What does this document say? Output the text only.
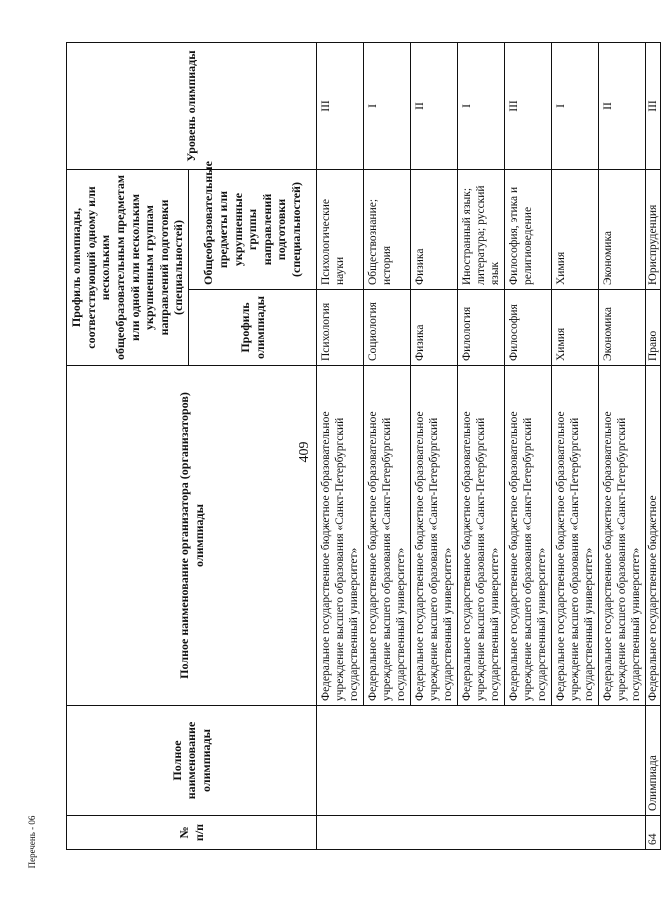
409
№ п/п	Полное наименование олимпиады	Полное наименование организатора (организаторов) олимпиады	Профиль олимпиады, соответствующий одному или нескольким общеобразовательным предметам или одной или нескольким укрупненным группам направлений подготовки (специальностей)		Уровень олимпиады
			Профиль олимпиады	Общеобразовательные предметы или укрупненные группы направлений подготовки (специальностей)	
		Федеральное государственное бюджетное образовательное учреждение высшего образования «Санкт-Петербургский государственный университет»	Психология	Психологические науки	III
		Федеральное государственное бюджетное образовательное учреждение высшего образования «Санкт-Петербургский государственный университет»	Социология	Обществознание; история	I
		Федеральное государственное бюджетное образовательное учреждение высшего образования «Санкт-Петербургский государственный университет»	Физика	Физика	II
		Федеральное государственное бюджетное образовательное учреждение высшего образования «Санкт-Петербургский государственный университет»	Филология	Иностранный язык; литература; русский язык	I
		Федеральное государственное бюджетное образовательное учреждение высшего образования «Санкт-Петербургский государственный университет»	Философия	Философия, этика и религиоведение	III
		Федеральное государственное бюджетное образовательное учреждение высшего образования «Санкт-Петербургский государственный университет»	Химия	Химия	I
		Федеральное государственное бюджетное образовательное учреждение высшего образования «Санкт-Петербургский государственный университет»	Экономика	Экономика	II
64	Олимпиада	Федеральное государственное бюджетное	Право	Юриспруденция	III
Перечень - 06
